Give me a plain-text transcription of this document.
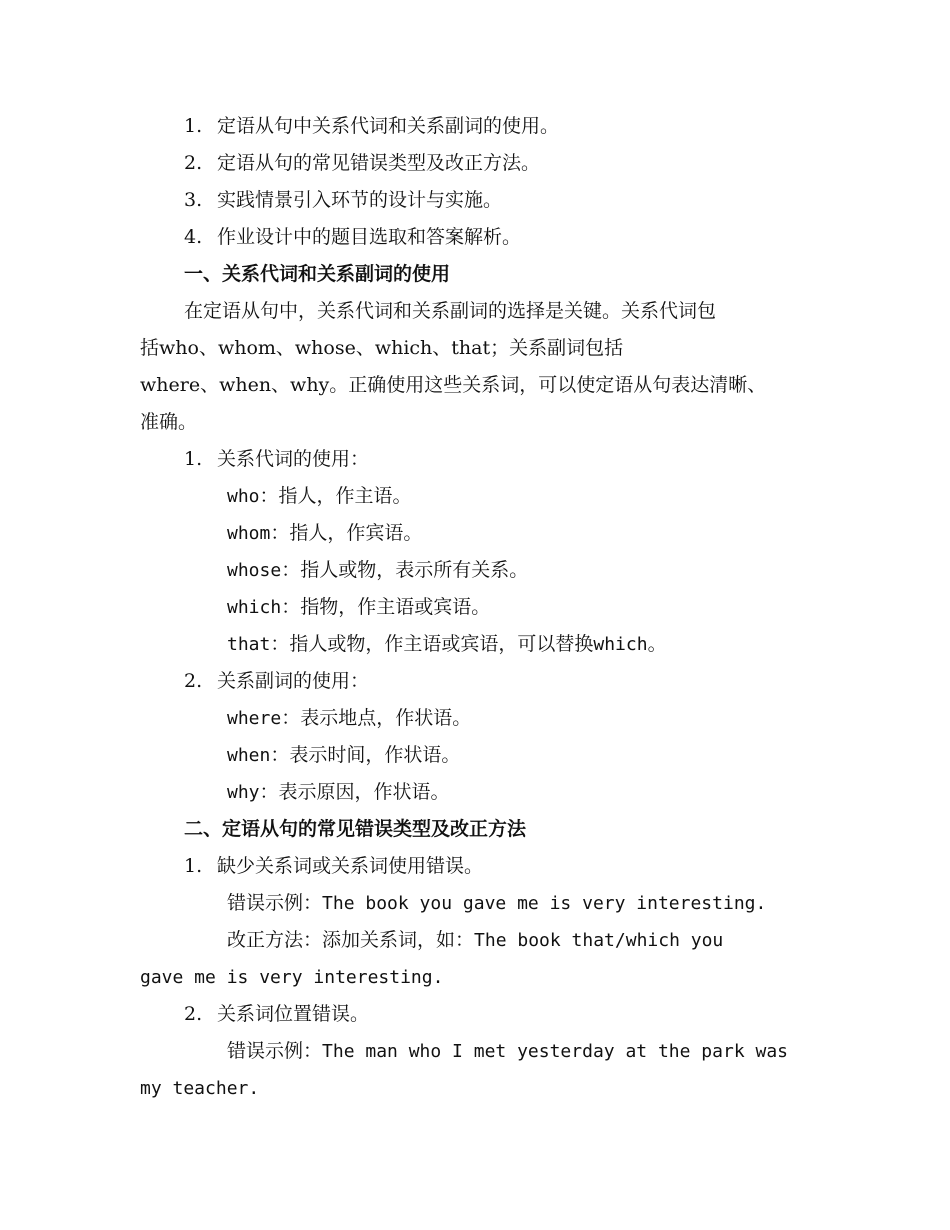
1. 定语从句中关系代词和关系副词的使用。
2. 定语从句的常见错误类型及改正方法。
3. 实践情景引入环节的设计与实施。
4. 作业设计中的题目选取和答案解析。
一、关系代词和关系副词的使用
在定语从句中，关系代词和关系副词的选择是关键。关系代词包
括who、whom、whose、which、that；关系副词包括
where、when、why。正确使用这些关系词，可以使定语从句表达清晰、
准确。
1. 关系代词的使用：
who：指人，作主语。
whom：指人，作宾语。
whose：指人或物，表示所有关系。
which：指物，作主语或宾语。
that：指人或物，作主语或宾语，可以替换which。
2. 关系副词的使用：
where：表示地点，作状语。
when：表示时间，作状语。
why：表示原因，作状语。
二、定语从句的常见错误类型及改正方法
1. 缺少关系词或关系词使用错误。
错误示例：The book you gave me is very interesting.
改正方法：添加关系词，如：The book that/which you
gave me is very interesting.
2. 关系词位置错误。
错误示例：The man who I met yesterday at the park was
my teacher.
